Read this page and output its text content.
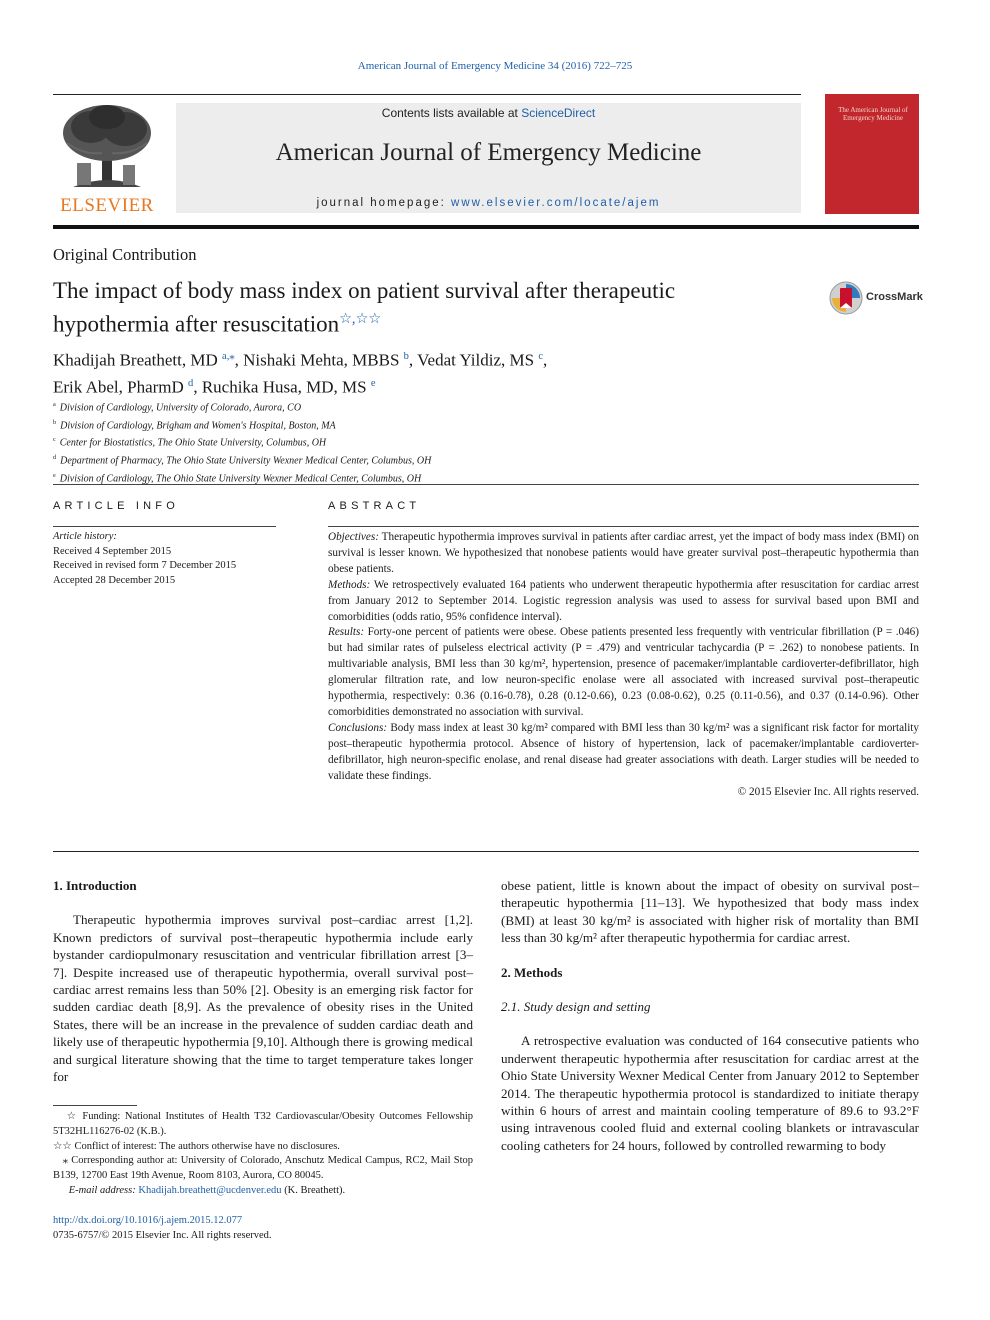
American Journal of Emergency Medicine 34 (2016) 722–725
ELSEVIER
Contents lists available at ScienceDirect
American Journal of Emergency Medicine
journal homepage: www.elsevier.com/locate/ajem
The American Journal of Emergency Medicine
Original Contribution
The impact of body mass index on patient survival after therapeutic hypothermia after resuscitation☆,☆☆
CrossMark
Khadijah Breathett, MD $^{a,⁎}$, Nishaki Mehta, MBBS $^b$, Vedat Yildiz, MS $^c$,
Erik Abel, PharmD $^d$, Ruchika Husa, MD, MS $^e$
$^a$ Division of Cardiology, University of Colorado, Aurora, CO
$^b$ Division of Cardiology, Brigham and Women's Hospital, Boston, MA
$^c$ Center for Biostatistics, The Ohio State University, Columbus, OH
$^d$ Department of Pharmacy, The Ohio State University Wexner Medical Center, Columbus, OH
$^e$ Division of Cardiology, The Ohio State University Wexner Medical Center, Columbus, OH
ARTICLE INFO
Article history:
Received 4 September 2015
Received in revised form 7 December 2015
Accepted 28 December 2015
ABSTRACT

Objectives: Therapeutic hypothermia improves survival in patients after cardiac arrest, yet the impact of body mass index (BMI) on survival is lesser known. We hypothesized that nonobese patients would have greater survival post–therapeutic hypothermia than obese patients.

Methods: We retrospectively evaluated 164 patients who underwent therapeutic hypothermia after resuscitation for cardiac arrest from January 2012 to September 2014. Logistic regression analysis was used to assess for survival based upon BMI and comorbidities (odds ratio, 95% confidence interval).

Results: Forty-one percent of patients were obese. Obese patients presented less frequently with ventricular fibrillation (P = .046) but had similar rates of pulseless electrical activity (P = .479) and ventricular tachycardia (P = .262) to nonobese patients. In multivariable analysis, BMI less than 30 kg/m², hypertension, presence of pacemaker/implantable cardioverter-defibrillator, high glomerular filtration rate, and low neuron-specific enolase were all associated with increased survival post–therapeutic hypothermia, respectively: 0.36 (0.16-0.78), 0.28 (0.12-0.66), 0.23 (0.08-0.62), 0.25 (0.11-0.56), and 0.37 (0.14-0.96). Other comorbidities demonstrated no association with survival.

Conclusions: Body mass index at least 30 kg/m² compared with BMI less than 30 kg/m² was a significant risk factor for mortality post–therapeutic hypothermia protocol. Absence of history of hypertension, lack of pacemaker/implantable cardioverter-defibrillator, high neuron-specific enolase, and renal disease had greater associations with death. Larger studies will be needed to validate these findings.

© 2015 Elsevier Inc. All rights reserved.

1. Introduction

Therapeutic hypothermia improves survival post–cardiac arrest [1,2]. Known predictors of survival post–therapeutic hypothermia include early bystander cardiopulmonary resuscitation and ventricular fibrillation arrest [3–7]. Despite increased use of therapeutic hypothermia, overall survival post–cardiac arrest remains less than 50% [2]. Obesity is an emerging risk factor for sudden cardiac death [8,9]. As the prevalence of obesity rises in the United States, there will be an increase in the prevalence of sudden cardiac death and likely use of therapeutic hypothermia [9,10]. Although there is growing medical and surgical literature showing that the time to target temperature takes longer for

obese patient, little is known about the impact of obesity on survival post–therapeutic hypothermia [11–13]. We hypothesized that body mass index (BMI) at least 30 kg/m² is associated with higher risk of mortality than BMI less than 30 kg/m² after therapeutic hypothermia for cardiac arrest.

2. Methods

2.1. Study design and setting

A retrospective evaluation was conducted of 164 consecutive patients who underwent therapeutic hypothermia after resuscitation for cardiac arrest at the Ohio State University Wexner Medical Center from January 2012 to September 2014. The therapeutic hypothermia protocol is standardized to initiate therapy within 6 hours of arrest and maintain cooling temperature of 89.6 to 93.2°F using intravenous cooled fluid and external cooling blankets or intravascular cooling catheters for 24 hours, followed by controlled rewarming to body

☆ Funding: National Institutes of Health T32 Cardiovascular/Obesity Outcomes Fellowship 5T32HL116276-02 (K.B.).

☆☆ Conflict of interest: The authors otherwise have no disclosures.

⁎ Corresponding author at: University of Colorado, Anschutz Medical Campus, RC2, Mail Stop B139, 12700 East 19th Avenue, Room 8103, Aurora, CO 80045.

E-mail address: Khadijah.breathett@ucdenver.edu (K. Breathett).

http://dx.doi.org/10.1016/j.ajem.2015.12.077
0735-6757/© 2015 Elsevier Inc. All rights reserved.
